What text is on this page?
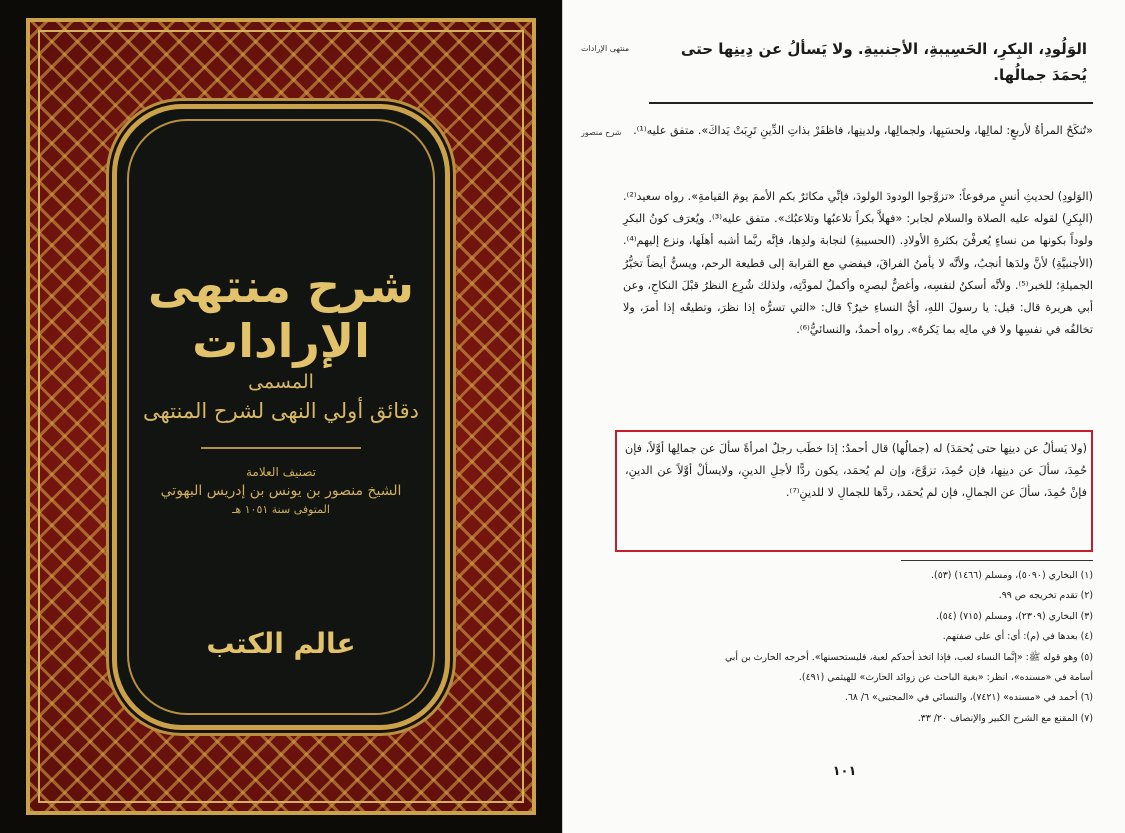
شرح منتهى الإرادات
المسمى
دقائق أولي النهى لشرح المنتهى
تصنيف العلامة
الشيخ منصور بن يونس بن إدريس البهوتي
المتوفى سنة ١٠٥١ هـ
عالم الكتب
منتهى الإرادات
شرح منصور
الوَلُودِ، البِكرِ، الحَسِيبةِ، الأجنبيةِ. ولا يَسألُ عن دِينِها حتى يُحمَدَ جمالُها.
«تُنكَحُ المرأةُ لأربعٍ: لمالِها، ولحسَبِها، ولجمالِها، ولدينِها، فاظفَرْ بذاتِ الدِّينِ تَرِبَتْ يَداكَ». متفق عليه⁽¹⁾.
(الوَلودِ) لحديثِ أنسٍ مرفوعاً: «تزوَّجوا الودودَ الولودَ، فإنِّي مكاثرٌ بكم الأممَ يومَ القيامةِ». رواه سعيد⁽²⁾. (البِكرِ) لقوله عليه الصلاة والسلام لجابر: «فهلاَّ بكراً تلاعبُها وتلاعبُك». متفق عليه⁽³⁾. ويُعرَف كونُ البكرِ ولوداً بكونها من نساءٍ يُعرفْنَ بكثرةِ الأولادِ. (الحسيبةِ) لنجابة ولدِها، فإنَّه ربَّما أشبه أهلَها، ونزع إليهم⁽⁴⁾. (الأجنبيَّةِ) لأنَّ ولدَها أنجبُ، ولأنَّه لا يأمنُ الفراقَ، فيفضي مع القرابة إلى قطيعة الرحم، ويسنُّ أيضاً تخيُّرُ الجميلةِ؛ للخبر⁽⁵⁾. ولأنَّه أسكنُ لنفسِه، وأغضُّ لبصرِه وأكملُ لمودَّتِه، ولذلك شُرِع النظرُ قبْلَ النكاحِ، وعن أبي هريرة قال: قيل: يا رسولَ اللهِ، أيُّ النساءِ خيرٌ؟ قال: «التي تسرُّه إذا نظرَ، وتطيعُه إذا أمرَ، ولا تخالفُه في نفسِها ولا في مالِه بما يَكرهُ». رواه أحمدُ، والنسائيُّ⁽⁶⁾.
(ولا يَسألُ عن دينِها حتى يُحمَدَ) له (جمالُها) قال أحمدُ: إذا خطَب رجلٌ امرأةً سألَ عن جمالِها أوَّلاً، فإن حُمِدَ، سألَ عن دينِها، فإن حُمِدَ، تزوَّجَ، وإن لم يُحمَد، يكون ردًّا لأجلِ الدينِ، ولايسألْ أوَّلاً عن الدينِ، فإنْ حُمِدَ، سألَ عن الجمالِ، فإن لم يُحمَد، ردَّها للجمالِ لا للدينِ⁽⁷⁾.
(١) البخاري (٥٠٩٠)، ومسلم (١٤٦٦) (٥٣).
(٢) تقدم تخريجه ص ٩٩.
(٣) البخاري (٢٣٠٩)، ومسلم (٧١٥) (٥٤).
(٤) بعدها في (م): أي: أي على صفتهم.
(٥) وهو قوله ﷺ: «إنَّما النساء لعب، فإذا اتخذ أحدكم لعبة، فليستحسنها». أخرجه الحارث بن أبي
أسامة في «مسنده»، انظر: «بغية الباحث عن زوائد الحارث» للهيثمي (٤٩١).
(٦) أحمد في «مسنده» (٧٤٢١)، والنسائي في «المجتبى» ٦/ ٦٨.
(٧) المقنع مع الشرح الكبير والإنصاف ٢٠/ ٣٣.
١٠١
